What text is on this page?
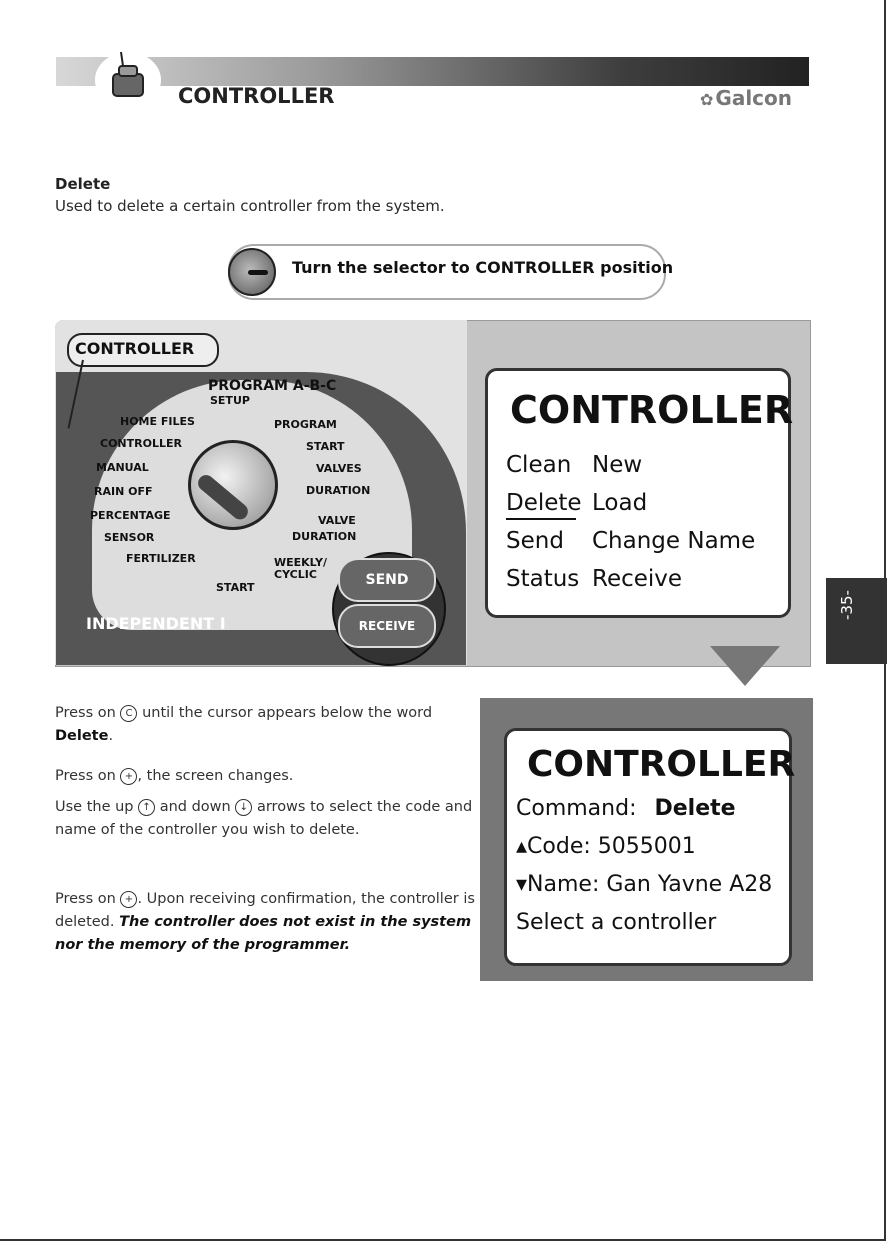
CONTROLLER	✿ Galcon
Delete
Used to delete a certain controller from the system.
Turn the selector to CONTROLLER position
CONTROLLER
PROGRAM A-B-C
SETUP
HOME FILES
CONTROLLER
MANUAL
RAIN OFF
PERCENTAGE
SENSOR
FERTILIZER
START
PROGRAM
START
VALVES
DURATION
VALVE
DURATION
WEEKLY/
CYCLIC	SEND
RECEIVE
INDEPENDENT I
CONTROLLER
Clean
Delete
Send
Status
New
Load
Change Name
Receive
CONTROLLER
Command: Delete
▴Code: 5055001
▾Name: Gan Yavne A28
Select a controller
-35-
Press on C until the cursor appears below the word Delete.
Press on + , the screen changes.
Use the up ↑ and down ↓ arrows to select the code and name of the controller you wish to delete.
Press on + . Upon receiving confirmation, the controller is deleted. The controller does not exist in the system nor the memory of the programmer.
